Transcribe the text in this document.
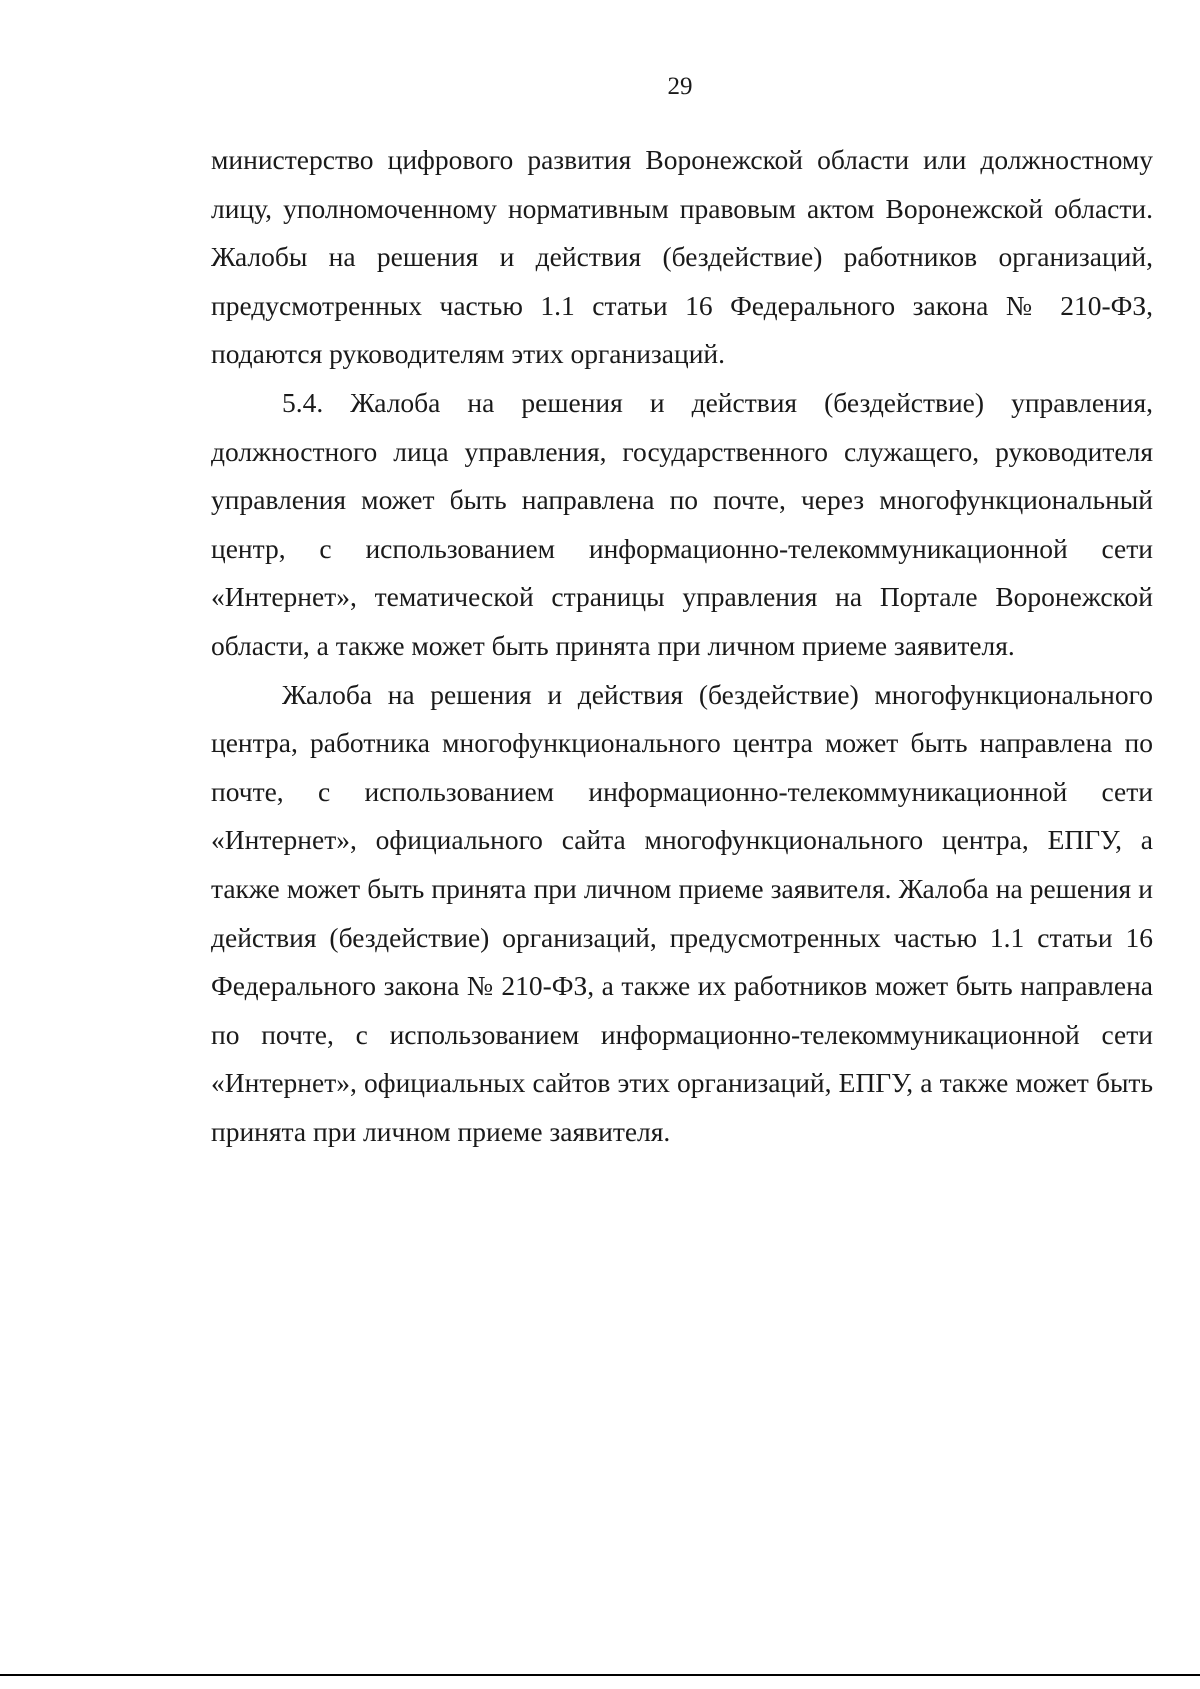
29

министерство цифрового развития Воронежской области или должностному лицу, уполномоченному нормативным правовым актом Воронежской области. Жалобы на решения и действия (бездействие) работников организаций, предусмотренных частью 1.1 статьи 16 Федерального закона № 210-ФЗ, подаются руководителям этих организаций.

5.4. Жалоба на решения и действия (бездействие) управления, должностного лица управления, государственного служащего, руководителя управления может быть направлена по почте, через многофункциональный центр, с использованием информационно-телекоммуникационной сети «Интернет», тематической страницы управления на Портале Воронежской области, а также может быть принята при личном приеме заявителя.

Жалоба на решения и действия (бездействие) многофункционального центра, работника многофункционального центра может быть направлена по почте, с использованием информационно-телекоммуникационной сети «Интернет», официального сайта многофункционального центра, ЕПГУ, а также может быть принята при личном приеме заявителя. Жалоба на решения и действия (бездействие) организаций, предусмотренных частью 1.1 статьи 16 Федерального закона № 210-ФЗ, а также их работников может быть направлена по почте, с использованием информационно-телекоммуникационной сети «Интернет», официальных сайтов этих организаций, ЕПГУ, а также может быть принята при личном приеме заявителя.
